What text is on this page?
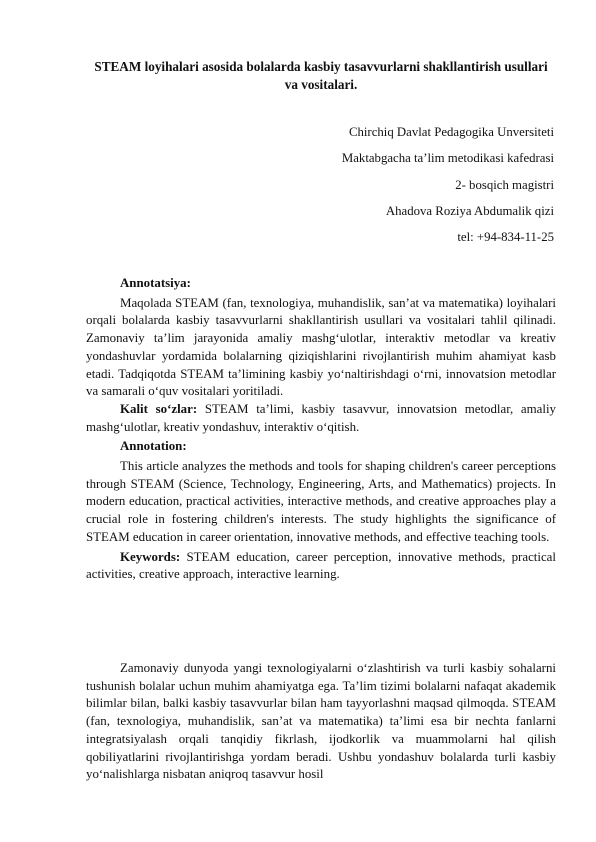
STEAM loyihalari asosida bolalarda kasbiy tasavvurlarni shakllantirish usullari va vositalari.
Chirchiq Davlat Pedagogika Unversiteti
Maktabgacha ta’lim metodikasi kafedrasi
2- bosqich magistri
Ahadova Roziya Abdumalik qizi
tel: +94-834-11-25

Annotatsiya:

Maqolada STEAM (fan, texnologiya, muhandislik, san’at va matematika) loyihalari orqali bolalarda kasbiy tasavvurlarni shakllantirish usullari va vositalari tahlil qilinadi. Zamonaviy ta’lim jarayonida amaliy mashg‘ulotlar, interaktiv metodlar va kreativ yondashuvlar yordamida bolalarning qiziqishlarini rivojlantirish muhim ahamiyat kasb etadi. Tadqiqotda STEAM ta’limining kasbiy yo‘naltirishdagi o‘rni, innovatsion metodlar va samarali o‘quv vositalari yoritiladi.

Kalit so‘zlar: STEAM ta’limi, kasbiy tasavvur, innovatsion metodlar, amaliy mashg‘ulotlar, kreativ yondashuv, interaktiv o‘qitish.

Annotation:

This article analyzes the methods and tools for shaping children's career perceptions through STEAM (Science, Technology, Engineering, Arts, and Mathematics) projects. In modern education, practical activities, interactive methods, and creative approaches play a crucial role in fostering children's interests. The study highlights the significance of STEAM education in career orientation, innovative methods, and effective teaching tools.

Keywords: STEAM education, career perception, innovative methods, practical activities, creative approach, interactive learning.

Zamonaviy dunyoda yangi texnologiyalarni o‘zlashtirish va turli kasbiy sohalarni tushunish bolalar uchun muhim ahamiyatga ega. Ta’lim tizimi bolalarni nafaqat akademik bilimlar bilan, balki kasbiy tasavvurlar bilan ham tayyorlashni maqsad qilmoqda. STEAM (fan, texnologiya, muhandislik, san’at va matematika) ta’limi esa bir nechta fanlarni integratsiyalash orqali tanqidiy fikrlash, ijodkorlik va muammolarni hal qilish qobiliyatlarini rivojlantirishga yordam beradi. Ushbu yondashuv bolalarda turli kasbiy yo‘nalishlarga nisbatan aniqroq tasavvur hosil
